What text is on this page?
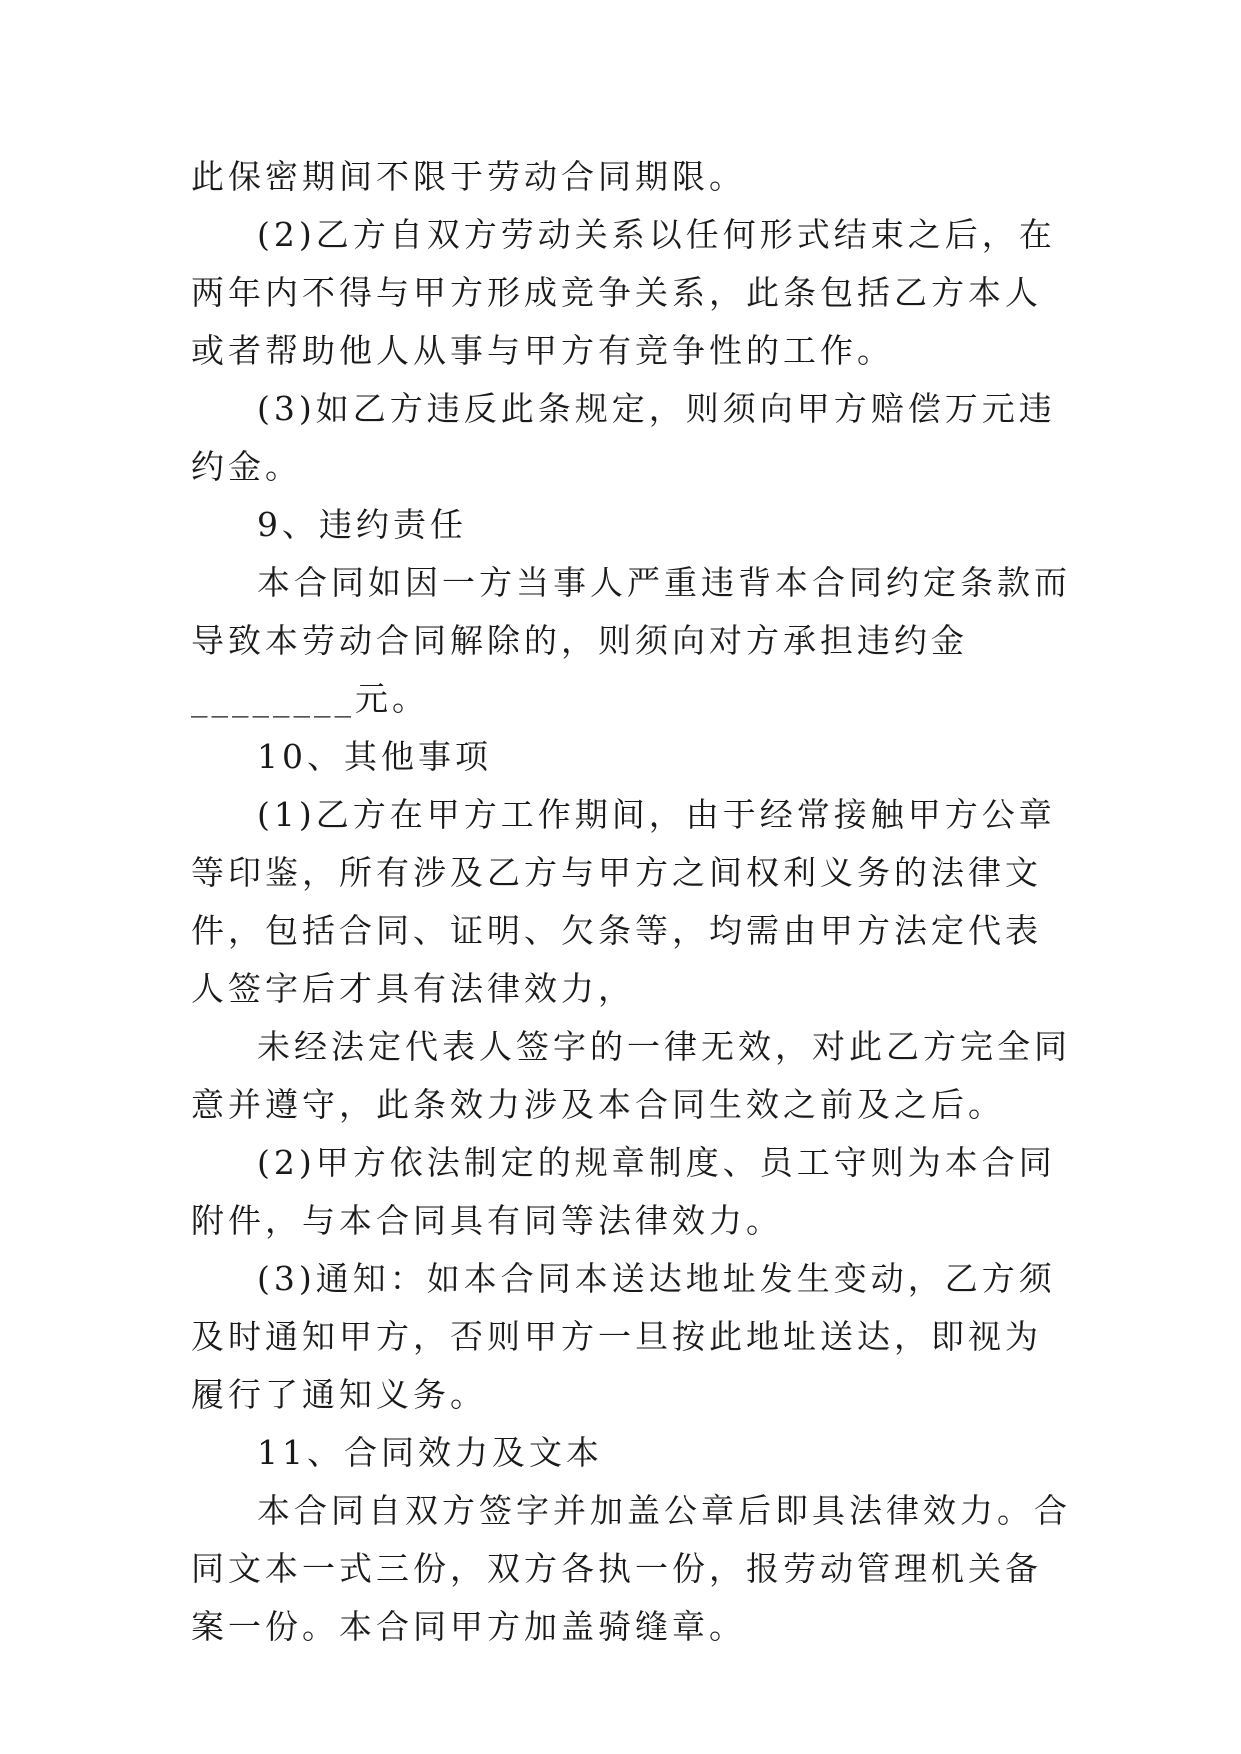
此保密期间不限于劳动合同期限。

(2)乙方自双方劳动关系以任何形式结束之后，在两年内不得与甲方形成竞争关系，此条包括乙方本人或者帮助他人从事与甲方有竞争性的工作。

(3)如乙方违反此条规定，则须向甲方赔偿万元违约金。

9、违约责任

本合同如因一方当事人严重违背本合同约定条款而导致本劳动合同解除的，则须向对方承担违约金________元。

10、其他事项

(1)乙方在甲方工作期间，由于经常接触甲方公章等印鉴，所有涉及乙方与甲方之间权利义务的法律文件，包括合同、证明、欠条等，均需由甲方法定代表人签字后才具有法律效力，

未经法定代表人签字的一律无效，对此乙方完全同意并遵守，此条效力涉及本合同生效之前及之后。

(2)甲方依法制定的规章制度、员工守则为本合同附件，与本合同具有同等法律效力。

(3)通知：如本合同本送达地址发生变动，乙方须及时通知甲方，否则甲方一旦按此地址送达，即视为履行了通知义务。

11、合同效力及文本

本合同自双方签字并加盖公章后即具法律效力。合同文本一式三份，双方各执一份，报劳动管理机关备案一份。本合同甲方加盖骑缝章。
